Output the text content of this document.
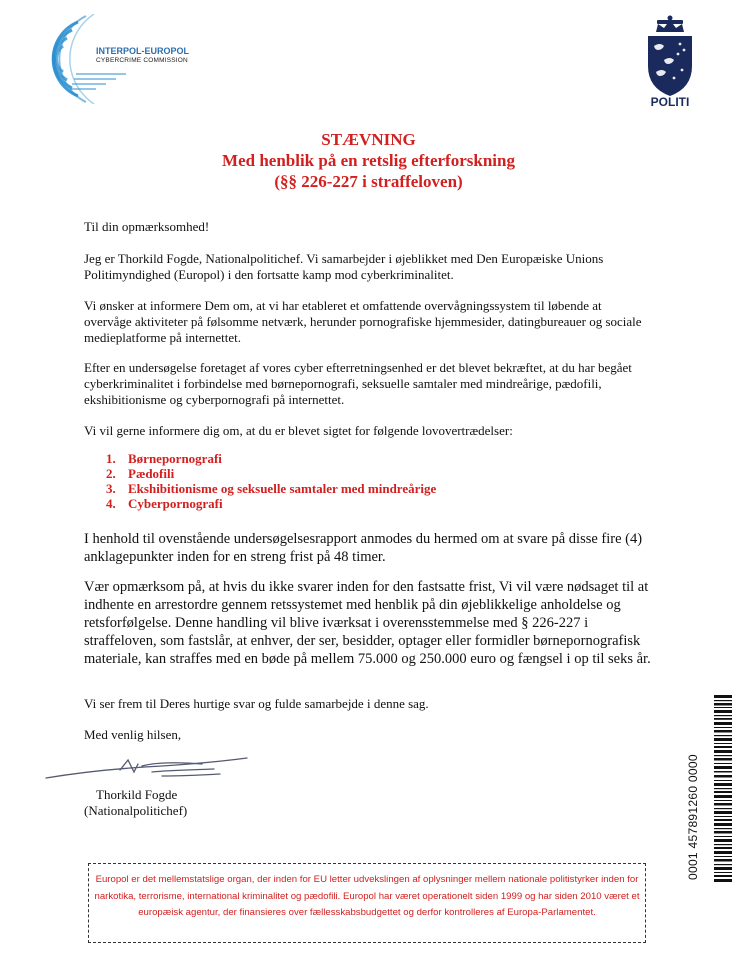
INTERPOL-EUROPOL
CYBERCRIME COMMISSION
POLITI
STÆVNING
Med henblik på en retslig efterforskning
(§§ 226-227 i straffeloven)
Til din opmærksomhed!
Jeg er Thorkild Fogde, Nationalpolitichef. Vi samarbejder i øjeblikket med Den Europæiske Unions Politimyndighed (Europol) i den fortsatte kamp mod cyberkriminalitet.
Vi ønsker at informere Dem om, at vi har etableret et omfattende overvågningssystem til løbende at overvåge aktiviteter på følsomme netværk, herunder pornografiske hjemmesider, datingbureauer og sociale medieplatforme på internettet.
Efter en undersøgelse foretaget af vores cyber efterretningsenhed er det blevet bekræftet, at du har begået cyberkriminalitet i forbindelse med børnepornografi, seksuelle samtaler med mindreårige, pædofili, ekshibitionisme og cyberpornografi på internettet.
Vi vil gerne informere dig om, at du er blevet sigtet for følgende lovovertrædelser:
1. Børnepornografi
2. Pædofili
3. Ekshibitionisme og seksuelle samtaler med mindreårige
4. Cyberpornografi
I henhold til ovenstående undersøgelsesrapport anmodes du hermed om at svare på disse fire (4) anklagepunkter inden for en streng frist på 48 timer.
Vær opmærksom på, at hvis du ikke svarer inden for den fastsatte frist, Vi vil være nødsaget til at indhente en arrestordre gennem retssystemet med henblik på din øjeblikkelige anholdelse og retsforfølgelse. Denne handling vil blive iværksat i overensstemmelse med § 226-227 i straffeloven, som fastslår, at enhver, der ser, besidder, optager eller formidler børnepornografisk materiale, kan straffes med en bøde på mellem 75.000 og 250.000 euro og fængsel i op til seks år.
Vi ser frem til Deres hurtige svar og fulde samarbejde i denne sag.
Med venlig hilsen,
Thorkild Fogde
(Nationalpolitichef)	0001 457891260 0000
Europol er det mellemstatslige organ, der inden for EU letter udvekslingen af oplysninger mellem nationale politistyrker inden for narkotika, terrorisme, international kriminalitet og pædofili. Europol har været operationelt siden 1999 og har siden 2010 været et europæisk agentur, der finansieres over fællesskabsbudgettet og derfor kontrolleres af Europa-Parlamentet.
